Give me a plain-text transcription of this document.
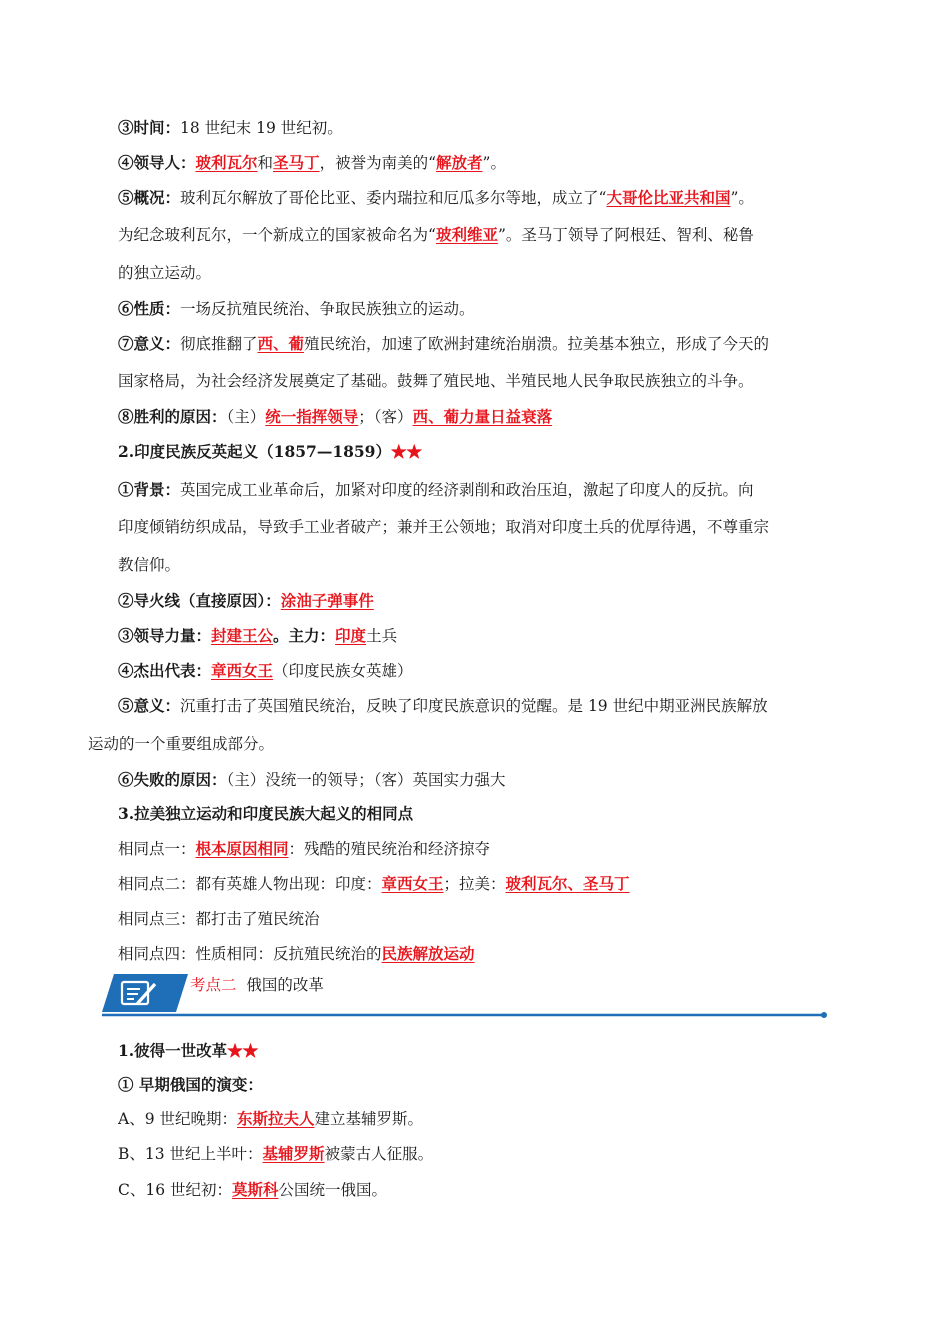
③时间：18 世纪末 19 世纪初。
④领导人：玻利瓦尔和圣马丁，被誉为南美的“解放者”。
⑤概况：玻利瓦尔解放了哥伦比亚、委内瑞拉和厄瓜多尔等地，成立了“大哥伦比亚共和国”。
为纪念玻利瓦尔，一个新成立的国家被命名为“玻利维亚”。圣马丁领导了阿根廷、智利、秘鲁
的独立运动。
⑥性质：一场反抗殖民统治、争取民族独立的运动。
⑦意义：彻底推翻了西、葡殖民统治，加速了欧洲封建统治崩溃。拉美基本独立，形成了今天的
国家格局，为社会经济发展奠定了基础。鼓舞了殖民地、半殖民地人民争取民族独立的斗争。
⑧胜利的原因：（主）统一指挥领导；（客）西、葡力量日益衰落
2.印度民族反英起义（1857—1859）★★
①背景：英国完成工业革命后，加紧对印度的经济剥削和政治压迫，激起了印度人的反抗。向
印度倾销纺织成品，导致手工业者破产；兼并王公领地；取消对印度土兵的优厚待遇，不尊重宗
教信仰。
②导火线（直接原因）：涂油子弹事件
③领导力量：封建王公。主力：印度土兵
④杰出代表：章西女王（印度民族女英雄）
⑤意义：沉重打击了英国殖民统治，反映了印度民族意识的觉醒。是 19 世纪中期亚洲民族解放
运动的一个重要组成部分。
⑥失败的原因：（主）没统一的领导；（客）英国实力强大
3.拉美独立运动和印度民族大起义的相同点
相同点一：根本原因相同：残酷的殖民统治和经济掠夺
相同点二：都有英雄人物出现：印度：章西女王；拉美：玻利瓦尔、圣马丁
相同点三：都打击了殖民统治
相同点四：性质相同：反抗殖民统治的民族解放运动
考点二 俄国的改革
1.彼得一世改革★★
① 早期俄国的演变：
A、9 世纪晚期：东斯拉夫人建立基辅罗斯。
B、13 世纪上半叶：基辅罗斯被蒙古人征服。
C、16 世纪初：莫斯科公国统一俄国。
